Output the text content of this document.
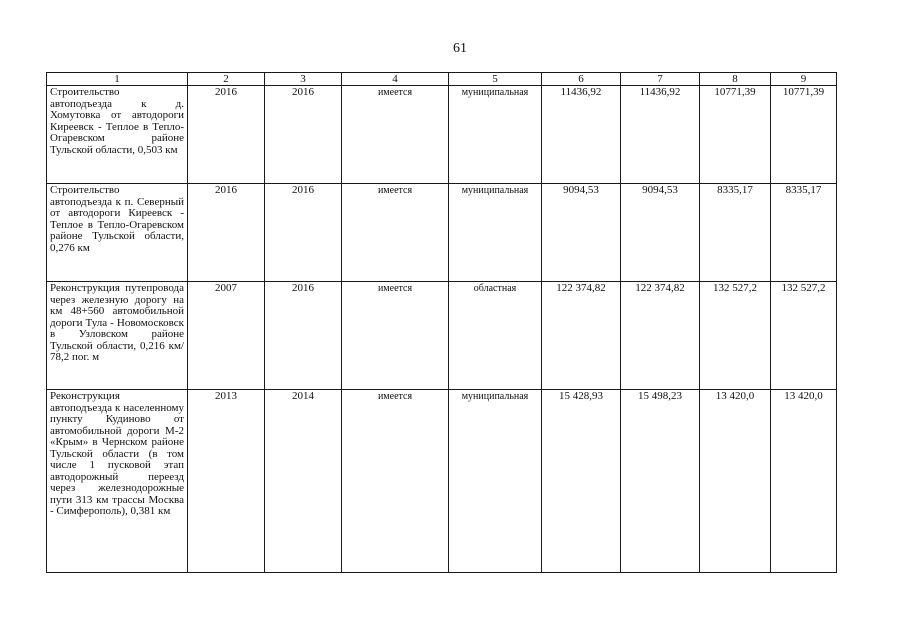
61
1	2	3	4	5	6	7	8	9
Строительство автоподъезда к д. Хомутовка от автодороги Киреевск - Теплое в Тепло-Огаревском районе Тульской области, 0,503 км	2016	2016	имеется	муниципальная	11436,92	11436,92	10771,39	10771,39
Строительство автоподъезда к п. Северный от автодороги Киреевск - Теплое в Тепло-Огаревском районе Тульской области, 0,276 км	2016	2016	имеется	муниципальная	9094,53	9094,53	8335,17	8335,17
Реконструкция путепровода через железную дорогу на км 48+560 автомобильной дороги Тула - Новомосковск в Узловском районе Тульской области, 0,216 км/ 78,2 пог. м	2007	2016	имеется	областная	122 374,82	122 374,82	132 527,2	132 527,2
Реконструкция автоподъезда к населенному пункту Кудиново от автомобильной дороги М-2 «Крым» в Чернском районе Тульской области (в том числе 1 пусковой этап автодорожный переезд через железнодорожные пути 313 км трассы Москва - Симферополь), 0,381 км	2013	2014	имеется	муниципальная	15 428,93	15 498,23	13 420,0	13 420,0
